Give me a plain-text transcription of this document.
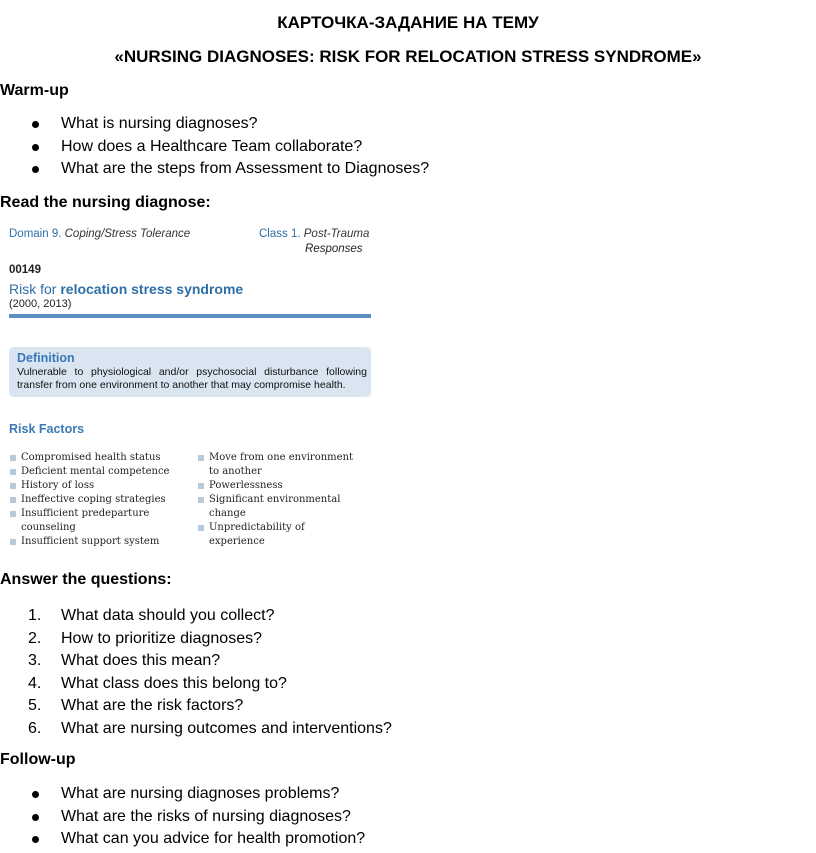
КАРТОЧКА-ЗАДАНИЕ НА ТЕМУ
«NURSING DIAGNOSES: RISK FOR RELOCATION STRESS SYNDROME»
Warm-up
What is nursing diagnoses?
How does a Healthcare Team collaborate?
What are the steps from Assessment to Diagnoses?
Read the nursing diagnose:
Domain 9. Coping/Stress Tolerance	Class 1. Post-Trauma
Responses
00149
Risk for relocation stress syndrome
(2000, 2013)
Definition
Vulnerable to physiological and/or psychosocial disturbance following transfer from one environment to another that may compromise health.
Risk Factors
Compromised health status
Deficient mental competence
History of loss
Ineffective coping strategies
Insufficient predeparture counseling
Insufficient support system
Move from one environment to another
Powerlessness
Significant environmental change
Unpredictability of experience
Answer the questions:
1.	What data should you collect?
2.	How to prioritize diagnoses?
3.	What does this mean?
4.	What class does this belong to?
5.	What are the risk factors?
6.	What are nursing outcomes and interventions?
Follow-up
What are nursing diagnoses problems?
What are the risks of nursing diagnoses?
What can you advice for health promotion?
